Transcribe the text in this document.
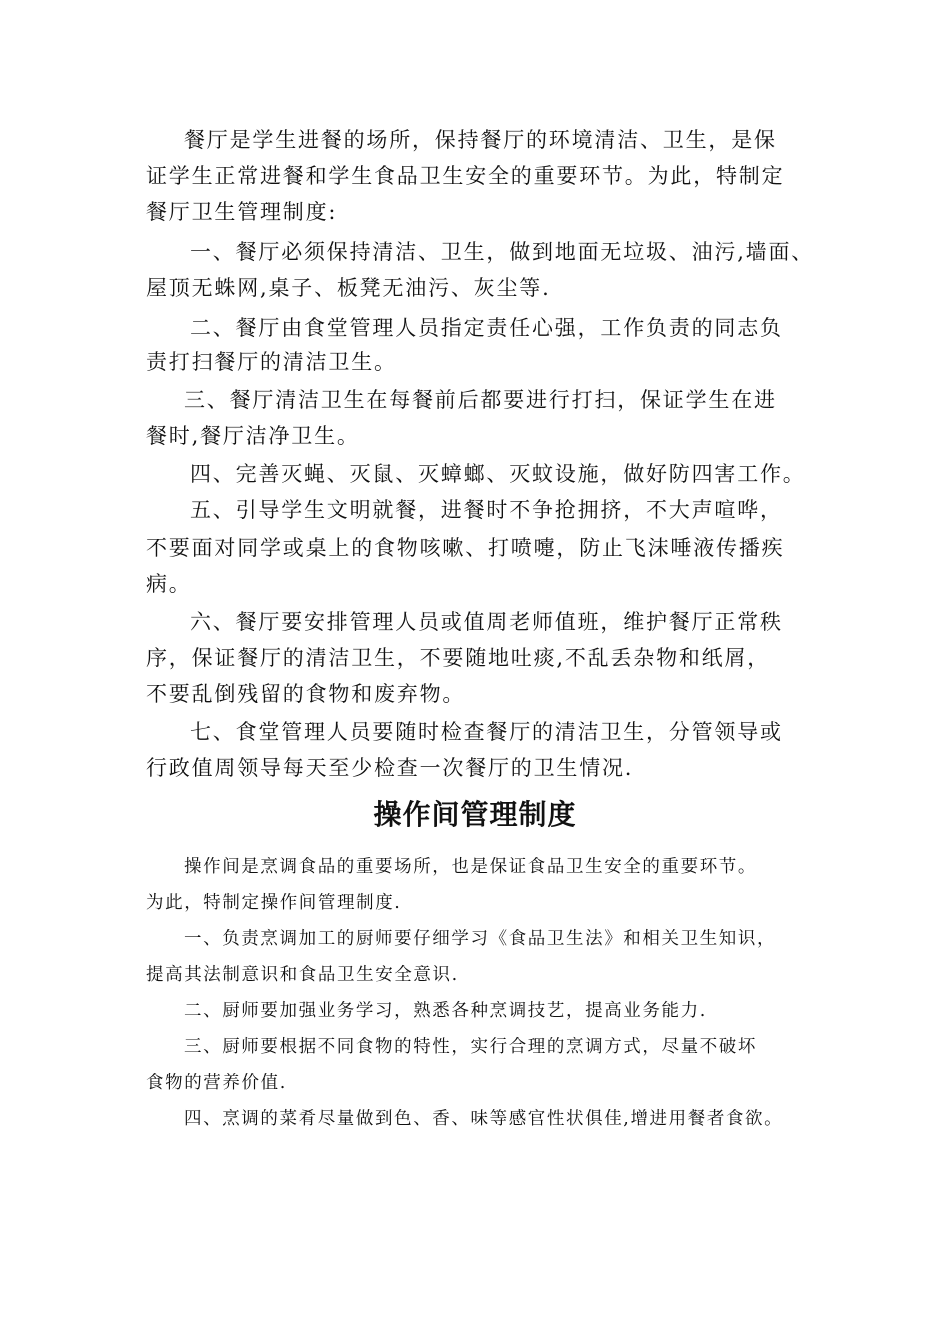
餐厅是学生进餐的场所，保持餐厅的环境清洁、卫生，是保
证学生正常进餐和学生食品卫生安全的重要环节。为此，特制定
餐厅卫生管理制度:
一、餐厅必须保持清洁、卫生，做到地面无垃圾、油污,墙面、
屋顶无蛛网,桌子、板凳无油污、灰尘等.
二、餐厅由食堂管理人员指定责任心强，工作负责的同志负
责打扫餐厅的清洁卫生。
三、餐厅清洁卫生在每餐前后都要进行打扫，保证学生在进
餐时,餐厅洁净卫生。
四、完善灭蝇、灭鼠、灭蟑螂、灭蚊设施，做好防四害工作。
五、引导学生文明就餐，进餐时不争抢拥挤，不大声喧哗，
不要面对同学或桌上的食物咳嗽、打喷嚏，防止飞沫唾液传播疾
病。
六、餐厅要安排管理人员或值周老师值班，维护餐厅正常秩
序，保证餐厅的清洁卫生，不要随地吐痰,不乱丢杂物和纸屑，
不要乱倒残留的食物和废弃物。
七、食堂管理人员要随时检查餐厅的清洁卫生，分管领导或
行政值周领导每天至少检查一次餐厅的卫生情况.
操作间管理制度
操作间是烹调食品的重要场所，也是保证食品卫生安全的重要环节。
为此，特制定操作间管理制度.
一、负责烹调加工的厨师要仔细学习《食品卫生法》和相关卫生知识，
提高其法制意识和食品卫生安全意识.
二、厨师要加强业务学习，熟悉各种烹调技艺，提高业务能力.
三、厨师要根据不同食物的特性，实行合理的烹调方式，尽量不破坏
食物的营养价值.
四、烹调的菜肴尽量做到色、香、味等感官性状俱佳,增进用餐者食欲。
